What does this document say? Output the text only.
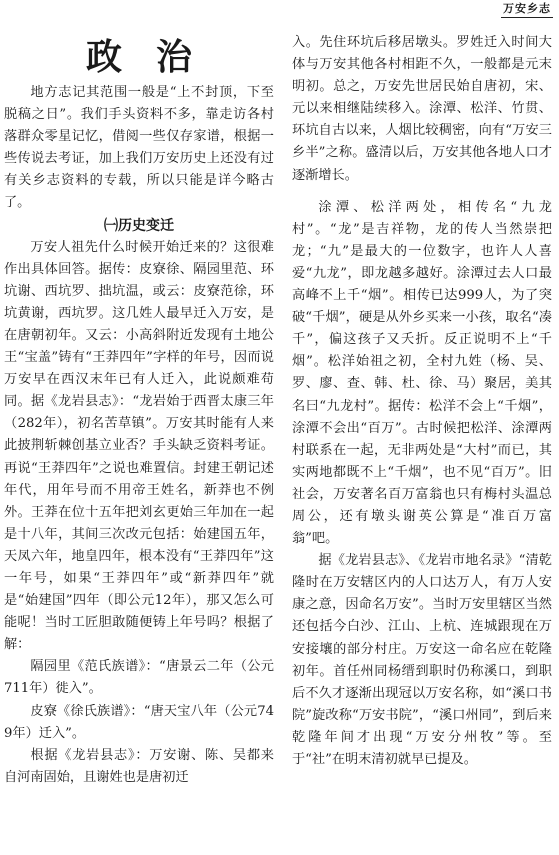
万安乡志
政治

地方志记其范围一般是“上不封顶，下至脱稿之日”。我们手头资料不多，靠走访各村落群众零星记忆，借阅一些仅存家谱，根据一些传说去考证，加上我们万安历史上还没有过有关乡志资料的专载，所以只能是详今略古了。

㈠历史变迁

万安人祖先什么时候开始迁来的？这很难作出具体回答。据传：皮寮徐、隔园里范、环坑谢、西坑罗、拙坑温，或云：皮寮范徐，环坑黄谢，西坑罗。这几姓人最早迁入万安，是在唐朝初年。又云：小高斜附近发现有土地公王“宝盖”铸有“王莽四年”字样的年号，因而说万安早在西汉末年已有人迁入，此说颇难苟同。据《龙岩县志》：“龙岩始于西晋太康三年（282年），初名苦草镇”。万安其时能有人来此披荆斩棘创基立业否？手头缺乏资料考证。再说“王莽四年”之说也难置信。封建王朝记述年代，用年号而不用帝王姓名，新莽也不例外。王莽在位十五年把刘玄更始三年加在一起是十八年，其间三次改元包括：始建国五年，天凤六年，地皇四年，根本没有“王莽四年”这一年号，如果“王莽四年”或“新莽四年”就是“始建国”四年（即公元12年），那又怎么可能呢！当时工匠胆敢随便铸上年号吗？根据了解：

隔园里《范氏族谱》：“唐景云二年（公元711年）徙入”。

皮寮《徐氏族谱》：“唐天宝八年（公元749年）迁入”。

根据《龙岩县志》：万安谢、陈、吴都来自河南固始，且谢姓也是唐初迁

入。先住环坑后移居墩头。罗姓迁入时间大体与万安其他各村相距不久，一般都是元末明初。总之，万安先世居民始自唐初，宋、元以来相继陆续移入。涂潭、松洋、竹贯、环坑自古以来，人烟比较稠密，向有“万安三乡半”之称。盛清以后，万安其他各地人口才逐渐增长。

涂潭、松洋两处，相传名“九龙村”。“龙”是吉祥物，龙的传人当然崇把龙；“九”是最大的一位数字，也许人人喜爱“九龙”，即龙越多越好。涂潭过去人口最高峰不上千“烟”。相传已达999人，为了突破“千烟”，硬是从外乡买来一小孩，取名“凑千”，偏这孩子又夭折。反正说明不上“千烟”。松洋始祖之初，全村九姓（杨、吴、罗、廖、查、韩、杜、徐、马）聚居，美其名曰“九龙村”。据传：松洋不会上“千烟”，涂潭不会出“百万”。古时候把松洋、涂潭两村联系在一起，无非两处是“大村”而已，其实两地都既不上“千烟”，也不见“百万”。旧社会，万安著名百万富翁也只有梅村头温总周公，还有墩头谢英公算是“准百万富翁”吧。

据《龙岩县志》、《龙岩市地名录》“清乾隆时在万安辖区内的人口达万人，有万人安康之意，因命名万安”。当时万安里辖区当然还包括今白沙、江山、上杭、连城跟现在万安接壤的部分村庄。万安这一命名应在乾隆初年。首任州同杨缙到职时仍称溪口，到职后不久才逐渐出现冠以万安名称，如“溪口书院”旋改称“万安书院”，“溪口州同”，到后来乾隆年间才出现“万安分州牧”等。至于“社”在明末清初就早已提及。
